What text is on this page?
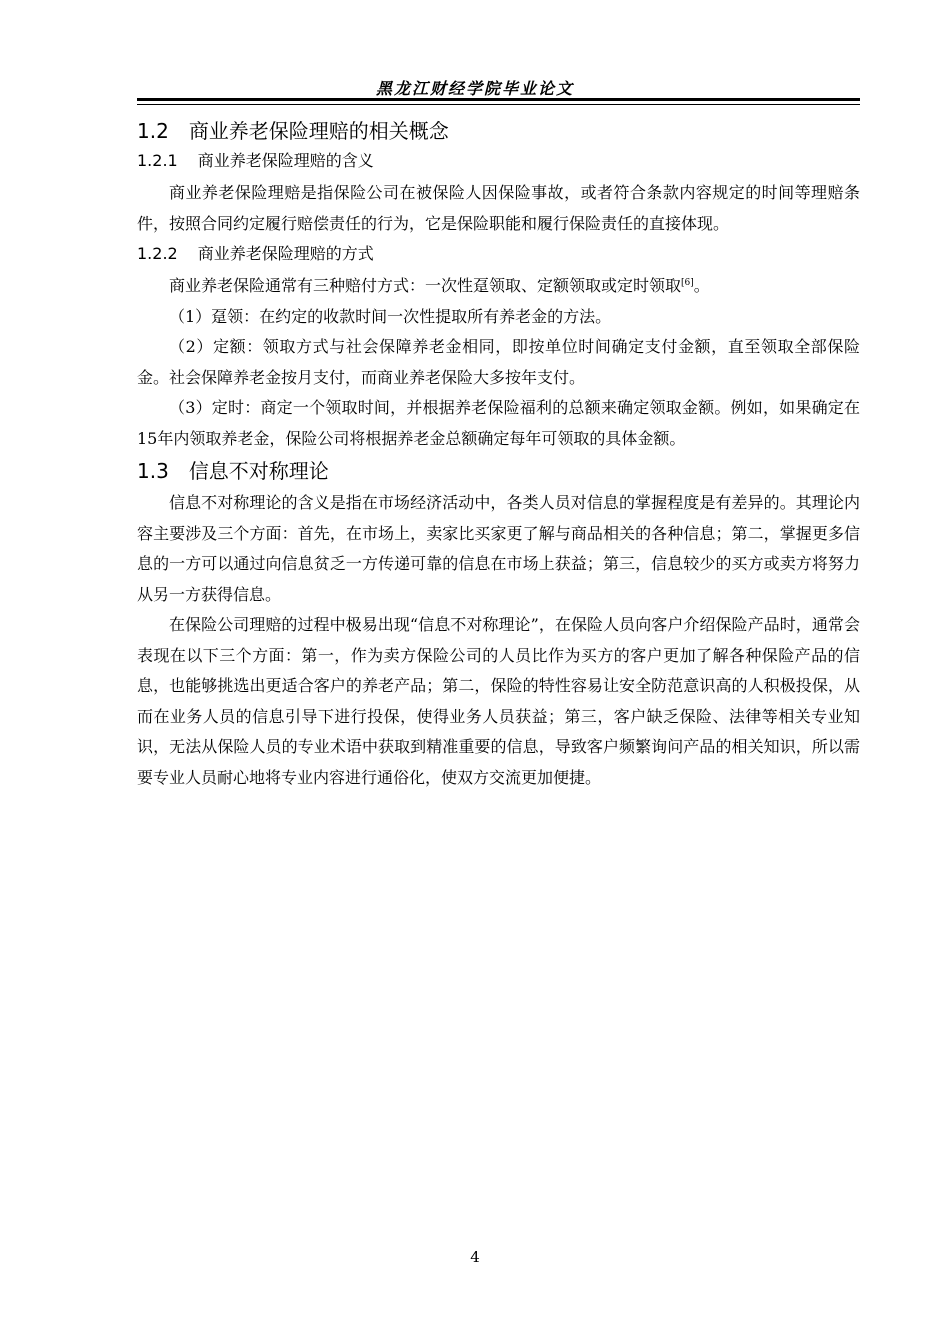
黑龙江财经学院毕业论文
1.2 商业养老保险理赔的相关概念
1.2.1 商业养老保险理赔的含义

商业养老保险理赔是指保险公司在被保险人因保险事故，或者符合条款内容规定的时间等理赔条件，按照合同约定履行赔偿责任的行为，它是保险职能和履行保险责任的直接体现。

1.2.2 商业养老保险理赔的方式

商业养老保险通常有三种赔付方式：一次性趸领取、定额领取或定时领取[6]。

（1）趸领：在约定的收款时间一次性提取所有养老金的方法。

（2）定额：领取方式与社会保障养老金相同，即按单位时间确定支付金额，直至领取全部保险金。社会保障养老金按月支付，而商业养老保险大多按年支付。

（3）定时：商定一个领取时间，并根据养老保险福利的总额来确定领取金额。例如，如果确定在15年内领取养老金，保险公司将根据养老金总额确定每年可领取的具体金额。

1.3 信息不对称理论

信息不对称理论的含义是指在市场经济活动中，各类人员对信息的掌握程度是有差异的。其理论内容主要涉及三个方面：首先，在市场上，卖家比买家更了解与商品相关的各种信息；第二，掌握更多信息的一方可以通过向信息贫乏一方传递可靠的信息在市场上获益；第三，信息较少的买方或卖方将努力从另一方获得信息。

在保险公司理赔的过程中极易出现“信息不对称理论”，在保险人员向客户介绍保险产品时，通常会表现在以下三个方面：第一，作为卖方保险公司的人员比作为买方的客户更加了解各种保险产品的信息，也能够挑选出更适合客户的养老产品；第二，保险的特性容易让安全防范意识高的人积极投保，从而在业务人员的信息引导下进行投保，使得业务人员获益；第三，客户缺乏保险、法律等相关专业知识，无法从保险人员的专业术语中获取到精准重要的信息，导致客户频繁询问产品的相关知识，所以需要专业人员耐心地将专业内容进行通俗化，使双方交流更加便捷。

4
